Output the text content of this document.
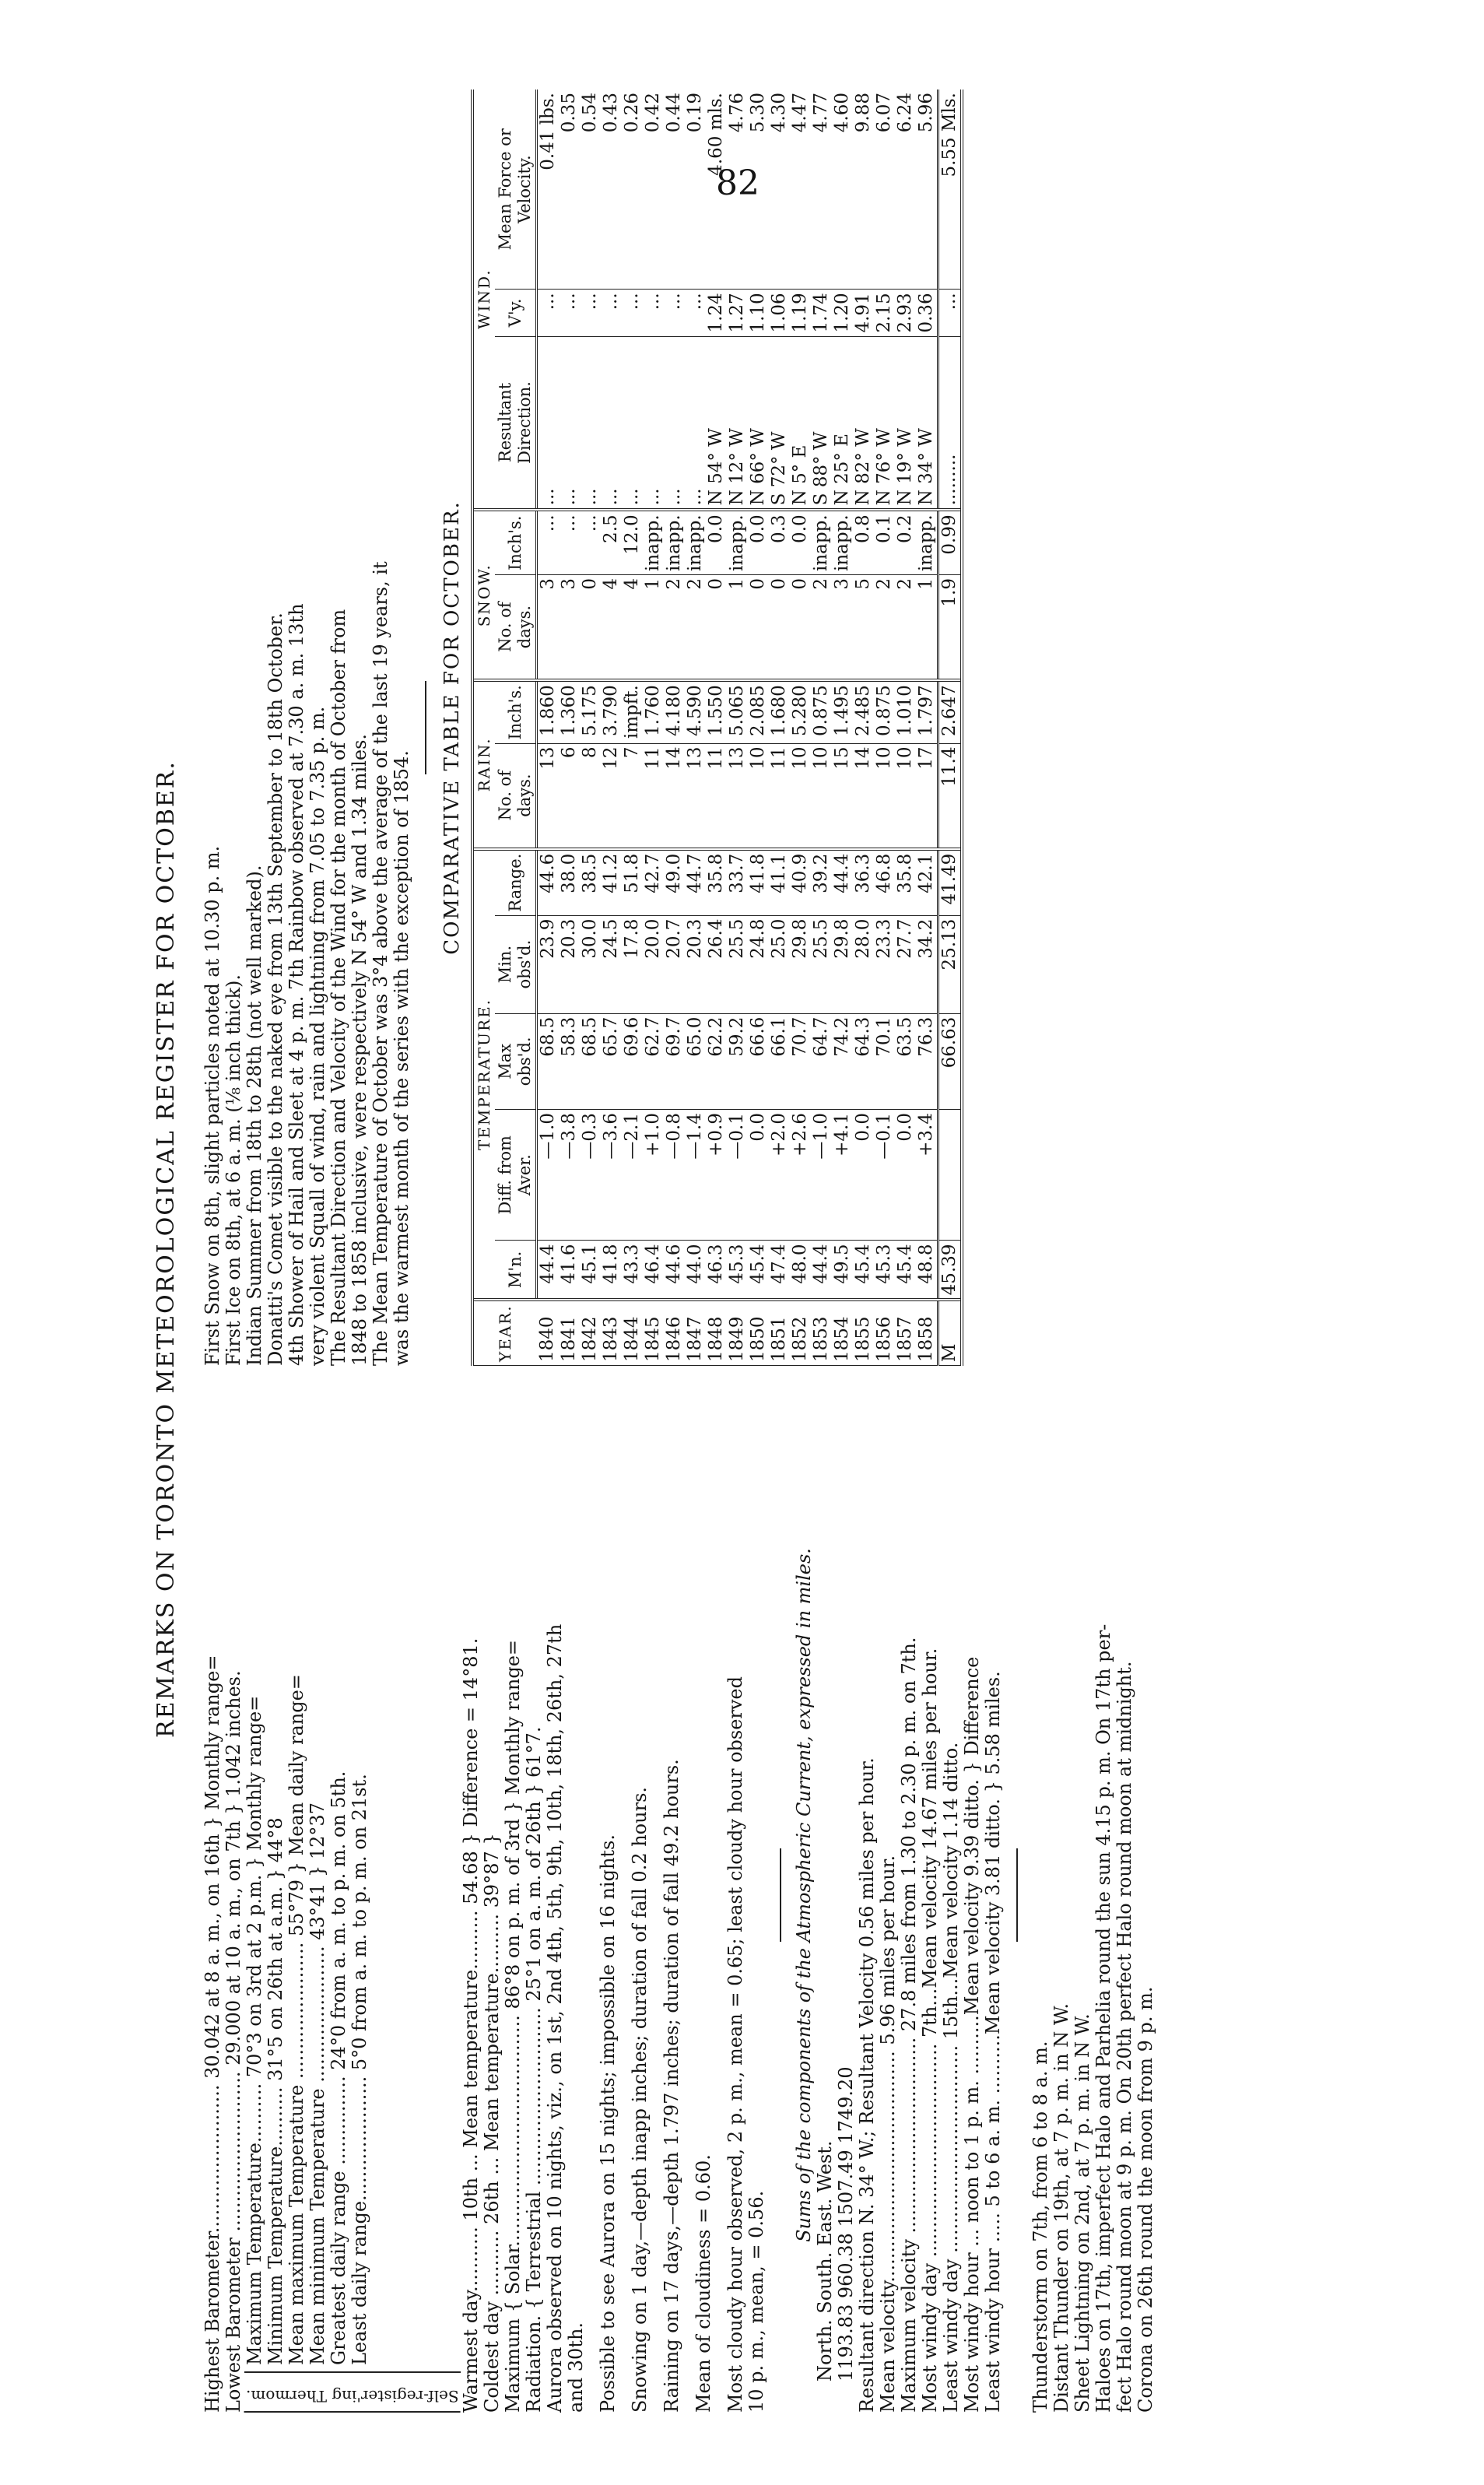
82
REMARKS ON TORONTO METEOROLOGICAL REGISTER FOR OCTOBER.
Highest Barometer......................... 30.042 at 8 a. m., on 16th } Monthly range= Lowest Barometer ........................... 29.000 at 10 a. m., on 7th } 1.042 inches. Self-register'ing Thermom.
Maximum Temperature.......... 70°3 on 3rd at 2 p.m. } Monthly range= Minimum Temperature.......... 31°5 on 26th at a.m. } 44°8 Mean maximum Temperature ....................... 55°79 } Mean daily range= Mean minimum Temperature ....................... 43°41 } 12°37 Greatest daily range ............... 24°0 from a. m. to p. m. on 5th. Least daily range..................... 5°0 from a. m. to p. m. on 21st.	Warmest day........... 10th ... Mean temperature.......... 54.68 } Difference = 14°81. Coldest day ........... 26th ... Mean temperature.......... 39°87 } Maximum { Solar....................................... 86°8 on p. m. of 3rd } Monthly range= Radiation. { Terrestrial .............................. 25°1 on a. m. of 26th } 61°7. Aurora observed on 10 nights, viz., on 1st, 2nd 4th, 5th, 9th, 10th, 18th, 26th, 27th and 30th. Possible to see Aurora on 15 nights; impossible on 16 nights. Snowing on 1 day,—depth inapp inches; duration of fall 0.2 hours. Raining on 17 days,—depth 1.797 inches; duration of fall 49.2 hours. Mean of cloudiness = 0.60. Most cloudy hour observed, 2 p. m., mean = 0.65; least cloudy hour observed 10 p. m., mean, = 0.56.
Sums of the components of the Atmospheric Current, expressed in miles.
North. South. East. West. 1193.83 960.38 1507.49 1749.20 Resultant direction N. 34° W.; Resultant Velocity 0.56 miles per hour. Mean velocity....................................... 5.96 miles per hour. Maximum velocity ................................. 27.8 miles from 1.30 to 2.30 p. m. on 7th. Most windy day .................................... 7th...Mean velocity 14.67 miles per hour. Least windy day ................................... 15th...Mean velocity 1.14 ditto. Most windy hour ... noon to 1 p. m. ..........Mean velocity 9.39 ditto. } Difference Least windy hour ..... 5 to 6 a. m. ..........Mean velocity 3.81 ditto. } 5.58 miles. Thunderstorm on 7th, from 6 to 8 a. m. Distant Thunder on 19th, at 7 p. m. in N W. Sheet Lightning on 2nd, at 7 p. m. in N W. Haloes on 17th, imperfect Halo and Parhelia round the sun 4.15 p. m. On 17th per- fect Halo round moon at 9 p. m. On 20th perfect Halo round moon at midnight. Corona on 26th round the moon from 9 p. m.
First Snow on 8th, slight particles noted at 10.30 p. m. First Ice on 8th, at 6 a. m. (⅛ inch thick). Indian Summer from 18th to 28th (not well marked). Donatti's Comet visible to the naked eye from 13th September to 18th October. 4th Shower of Hail and Sleet at 4 p. m. 7th Rainbow observed at 7.30 a. m. 13th very violent Squall of wind, rain and lightning from 7.05 to 7.35 p. m. The Resultant Direction and Velocity of the Wind for the month of October from 1848 to 1858 inclusive, were respectively N 54° W and 1.34 miles. The Mean Temperature of October was 3°4 above the average of the last 19 years, it was the warmest month of the series with the exception of 1854.
COMPARATIVE TABLE FOR OCTOBER.
YEAR.	TEMPERATURE.					RAIN.		SNOW.		WIND.		
	M'n.	Diff. from Aver.	Max obs'd.	Min. obs'd.	Range.	No. of days.	Inch's.	No. of days.	Inch's.	Resultant Direction.	V'y.	Mean Force or Velocity.
1840	44.4	—1.0	68.5	23.9	44.6	13	1.860	3	...	...	...	0.41 lbs.
1841	41.6	—3.8	58.3	20.3	38.0	6	1.360	3	...	...	...	0.35
1842	45.1	—0.3	68.5	30.0	38.5	8	5.175	0	...	...	...	0.54
1843	41.8	—3.6	65.7	24.5	41.2	12	3.790	4	2.5	...	...	0.43
1844	43.3	—2.1	69.6	17.8	51.8	7	impft.	4	12.0	...	...	0.26
1845	46.4	+1.0	62.7	20.0	42.7	11	1.760	1	inapp.	...	...	0.42
1846	44.6	—0.8	69.7	20.7	49.0	14	4.180	2	inapp.	...	...	0.44
1847	44.0	—1.4	65.0	20.3	44.7	13	4.590	2	inapp.	...	...	0.19
1848	46.3	+0.9	62.2	26.4	35.8	11	1.550	0	0.0	N 54° W	1.24	4.60 mls.
1849	45.3	—0.1	59.2	25.5	33.7	13	5.065	1	inapp.	N 12° W	1.27	4.76
1850	45.4	0.0	66.6	24.8	41.8	10	2.085	0	0.0	N 66° W	1.10	5.30
1851	47.4	+2.0	66.1	25.0	41.1	11	1.680	0	0.3	S 72° W	1.06	4.30
1852	48.0	+2.6	70.7	29.8	40.9	10	5.280	0	0.0	N 5° E	1.19	4.47
1853	44.4	—1.0	64.7	25.5	39.2	10	0.875	2	inapp.	S 88° W	1.74	4.77
1854	49.5	+4.1	74.2	29.8	44.4	15	1.495	3	inapp.	N 25° E	1.20	4.60
1855	45.4	0.0	64.3	28.0	36.3	14	2.485	5	0.8	N 82° W	4.91	9.88
1856	45.3	—0.1	70.1	23.3	46.8	10	0.875	2	0.1	N 76° W	2.15	6.07
1857	45.4	0.0	63.5	27.7	35.8	10	1.010	2	0.2	N 19° W	2.93	6.24
1858	48.8	+3.4	76.3	34.2	42.1	17	1.797	1	inapp.	N 34° W	0.36	5.96
M	45.39		66.63	25.13	41.49	11.4	2.647	1.9	0.99	.........	...	5.55 Mls.
